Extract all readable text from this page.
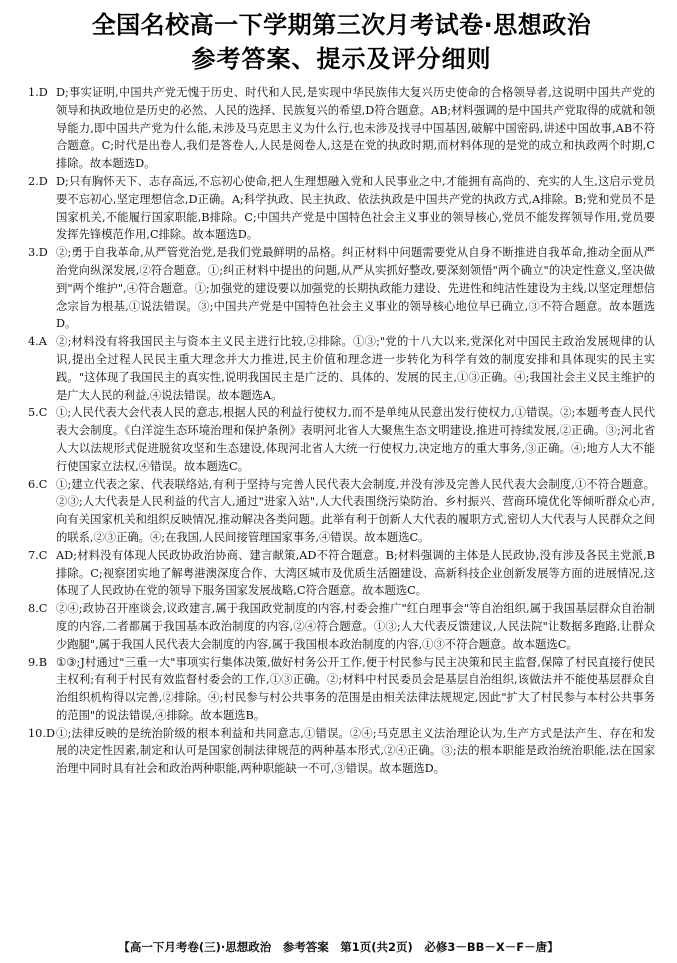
全国名校高一下学期第三次月考试卷·思想政治
参考答案、提示及评分细则
1.D D;事实证明,中国共产党无愧于历史、时代和人民,是实现中华民族伟大复兴历史使命的合格领导者,这说明中国共产党的领导和执政地位是历史的必然、人民的选择、民族复兴的希望,D符合题意。AB;材料强调的是中国共产党取得的成就和领导能力,即中国共产党为什么能,未涉及马克思主义为什么行,也未涉及找寻中国基因,破解中国密码,讲述中国故事,AB不符合题意。C;时代是出卷人,我们是答卷人,人民是阅卷人,这是在党的执政时期,而材料体现的是党的成立和执政两个时期,C排除。故本题选D。
2.D D;只有胸怀天下、志存高远,不忘初心使命,把人生理想融入党和人民事业之中,才能拥有高尚的、充实的人生,这启示党员要不忘初心,坚定理想信念,D正确。A;科学执政、民主执政、依法执政是中国共产党的执政方式,A排除。B;党和党员不是国家机关,不能履行国家职能,B排除。C;中国共产党是中国特色社会主义事业的领导核心,党员不能发挥领导作用,党员要发挥先锋模范作用,C排除。故本题选D。
3.D ②;勇于自我革命,从严管党治党,是我们党最鲜明的品格。纠正材料中问题需要党从自身不断推进自我革命,推动全面从严治党向纵深发展,②符合题意。①;纠正材料中提出的问题,从严从实抓好整改,要深刻领悟"两个确立"的决定性意义,坚决做到"两个维护",④符合题意。①;加强党的建设要以加强党的长期执政能力建设、先进性和纯洁性建设为主线,以坚定理想信念宗旨为根基,①说法错误。③;中国共产党是中国特色社会主义事业的领导核心地位早已确立,③不符合题意。故本题选D。
4.A ②;材料没有将我国民主与资本主义民主进行比较,②排除。①③;"党的十八大以来,党深化对中国民主政治发展规律的认识,提出全过程人民民主重大理念并大力推进,民主价值和理念进一步转化为科学有效的制度安排和具体现实的民主实践。"这体现了我国民主的真实性,说明我国民主是广泛的、具体的、发展的民主,①③正确。④;我国社会主义民主维护的是广大人民的利益,④说法错误。故本题选A。
5.C ①;人民代表大会代表人民的意志,根据人民的利益行使权力,而不是单纯从民意出发行使权力,①错误。②;本题考查人民代表大会制度。《白洋淀生态环境治理和保护条例》表明河北省人大聚焦生态文明建设,推进可持续发展,②正确。③;河北省人大以法规形式促进脱贫攻坚和生态建设,体现河北省人大统一行使权力,决定地方的重大事务,③正确。④;地方人大不能行使国家立法权,④错误。故本题选C。
6.C ①;建立代表之家、代表联络站,有利于坚持与完善人民代表大会制度,并没有涉及完善人民代表大会制度,①不符合题意。②③;人大代表是人民利益的代言人,通过"进家入站",人大代表围绕污染防治、乡村振兴、营商环境优化等倾听群众心声,向有关国家机关和组织反映情况,推动解决各类问题。此举有利于创新人大代表的履职方式,密切人大代表与人民群众之间的联系,②③正确。④;在我国,人民间接管理国家事务,④错误。故本题选C。
7.C AD;材料没有体现人民政协政治协商、建言献策,AD不符合题意。B;材料强调的主体是人民政协,没有涉及各民主党派,B排除。C;视察团实地了解粤港澳深度合作、大湾区城市及优质生活圈建设、高新科技企业创新发展等方面的进展情况,这体现了人民政协在党的领导下服务国家发展战略,C符合题意。故本题选C。
8.C ②④;政协召开座谈会,议政建言,属于我国政党制度的内容,村委会推广"红白理事会"等自治组织,属于我国基层群众自治制度的内容,二者都属于我国基本政治制度的内容,②④符合题意。①③;人大代表反馈建议,人民法院"让数据多跑路,让群众少跑腿",属于我国人民代表大会制度的内容,属于我国根本政治制度的内容,①③不符合题意。故本题选C。
9.B ①③;J村通过"三重一大"事项实行集体决策,做好村务公开工作,便于村民参与民主决策和民主监督,保障了村民直接行使民主权利;有利于村民有效监督村委会的工作,①③正确。②;材料中村民委员会是基层自治组织,该做法并不能使基层群众自治组织机构得以完善,②排除。④;村民参与村公共事务的范围是由相关法律法规规定,因此"扩大了村民参与本村公共事务的范围"的说法错误,④排除。故本题选B。
10.D ①;法律反映的是统治阶级的根本利益和共同意志,①错误。②④;马克思主义法治理论认为,生产方式是法产生、存在和发展的决定性因素,制定和认可是国家创制法律规范的两种基本形式,②④正确。③;法的根本职能是政治统治职能,法在国家治理中同时具有社会和政治两种职能,两种职能缺一不可,③错误。故本题选D。
【高一下月考卷(三)·思想政治　参考答案　第1页(共2页)　必修3－BB－X－F－唐】
